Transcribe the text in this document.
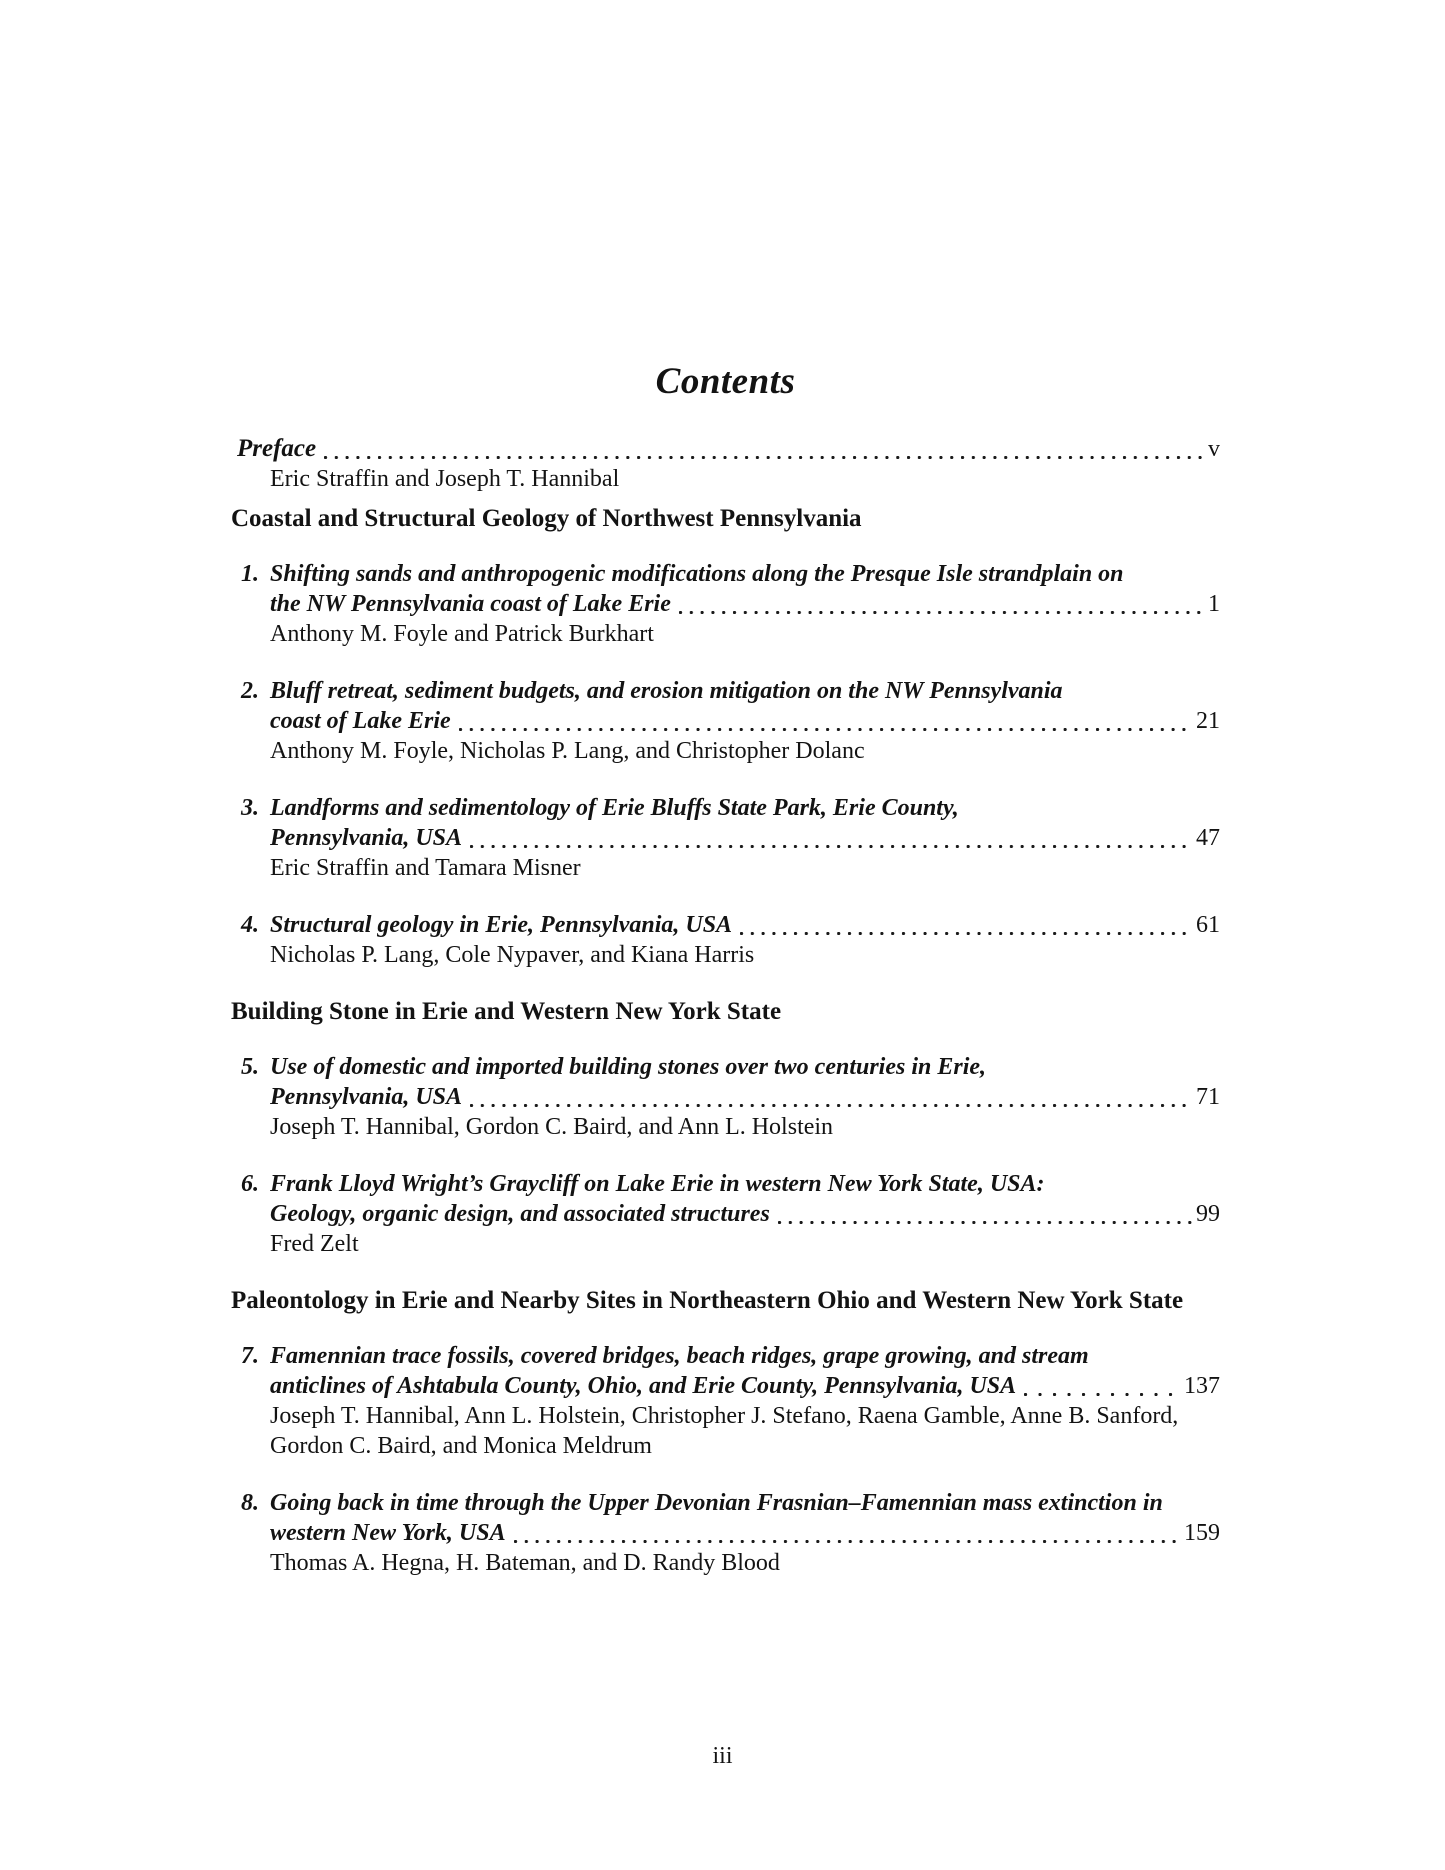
Contents
Preface	v
Eric Straffin and Joseph T. Hannibal
Coastal and Structural Geology of Northwest Pennsylvania
1. Shifting sands and anthropogenic modifications along the Presque Isle strandplain on
the NW Pennsylvania coast of Lake Erie	1
Anthony M. Foyle and Patrick Burkhart
2. Bluff retreat, sediment budgets, and erosion mitigation on the NW Pennsylvania
coast of Lake Erie	21
Anthony M. Foyle, Nicholas P. Lang, and Christopher Dolanc
3. Landforms and sedimentology of Erie Bluffs State Park, Erie County,
Pennsylvania, USA	47
Eric Straffin and Tamara Misner
4. Structural geology in Erie, Pennsylvania, USA	61
Nicholas P. Lang, Cole Nypaver, and Kiana Harris
Building Stone in Erie and Western New York State
5. Use of domestic and imported building stones over two centuries in Erie,
Pennsylvania, USA	71
Joseph T. Hannibal, Gordon C. Baird, and Ann L. Holstein
6. Frank Lloyd Wright’s Graycliff on Lake Erie in western New York State, USA:
Geology, organic design, and associated structures	99
Fred Zelt
Paleontology in Erie and Nearby Sites in Northeastern Ohio and Western New York State
7. Famennian trace fossils, covered bridges, beach ridges, grape growing, and stream
anticlines of Ashtabula County, Ohio, and Erie County, Pennsylvania, USA	137
Joseph T. Hannibal, Ann L. Holstein, Christopher J. Stefano, Raena Gamble, Anne B. Sanford,
Gordon C. Baird, and Monica Meldrum
8. Going back in time through the Upper Devonian Frasnian–Famennian mass extinction in
western New York, USA	159
Thomas A. Hegna, H. Bateman, and D. Randy Blood
iii
